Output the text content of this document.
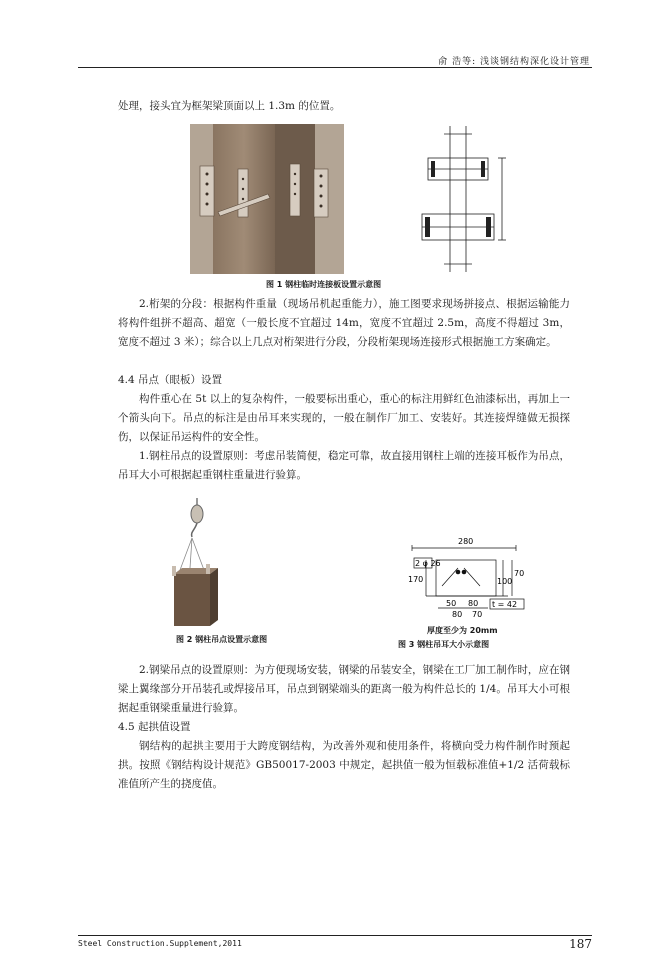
俞 浩等: 浅谈钢结构深化设计管理
处理，接头宜为框架梁顶面以上 1.3m 的位置。
图 1 钢柱临时连接板设置示意图
2.桁架的分段：根据构件重量（现场吊机起重能力），施工图要求现场拼接点、根据运输能力将构件组拼不超高、超宽（一般长度不宜超过 14m，宽度不宜超过 2.5m，高度不得超过 3m，宽度不超过 3 米）；综合以上几点对桁架进行分段，分段桁架现场连接形式根据施工方案确定。
4.4 吊点（眼板）设置
构件重心在 5t 以上的复杂构件，一般要标出重心，重心的标注用鲜红色油漆标出，再加上一个箭头向下。吊点的标注是由吊耳来实现的，一般在制作厂加工、安装好。其连接焊缝做无损探伤，以保证吊运构件的安全性。
1.钢柱吊点的设置原则：考虑吊装简便，稳定可靠，故直接用钢柱上端的连接耳板作为吊点，吊耳大小可根据起重钢柱重量进行验算。
图 2 钢柱吊点设置示意图
280
2 φ 26
170	100
70
50 80 t = 42
80 70
厚度至少为 20mm
图 3 钢柱吊耳大小示意图
2.钢梁吊点的设置原则：为方便现场安装，钢梁的吊装安全，钢梁在工厂加工制作时，应在钢梁上翼缘部分开吊装孔或焊接吊耳，吊点到钢梁端头的距离一般为构件总长的 1/4。吊耳大小可根据起重钢梁重量进行验算。
4.5 起拱值设置
钢结构的起拱主要用于大跨度钢结构，为改善外观和使用条件，将横向受力构件制作时预起拱。按照《钢结构设计规范》GB50017-2003 中规定，起拱值一般为恒载标准值+1/2 活荷载标准值所产生的挠度值。
Steel Construction.Supplement,2011	187
